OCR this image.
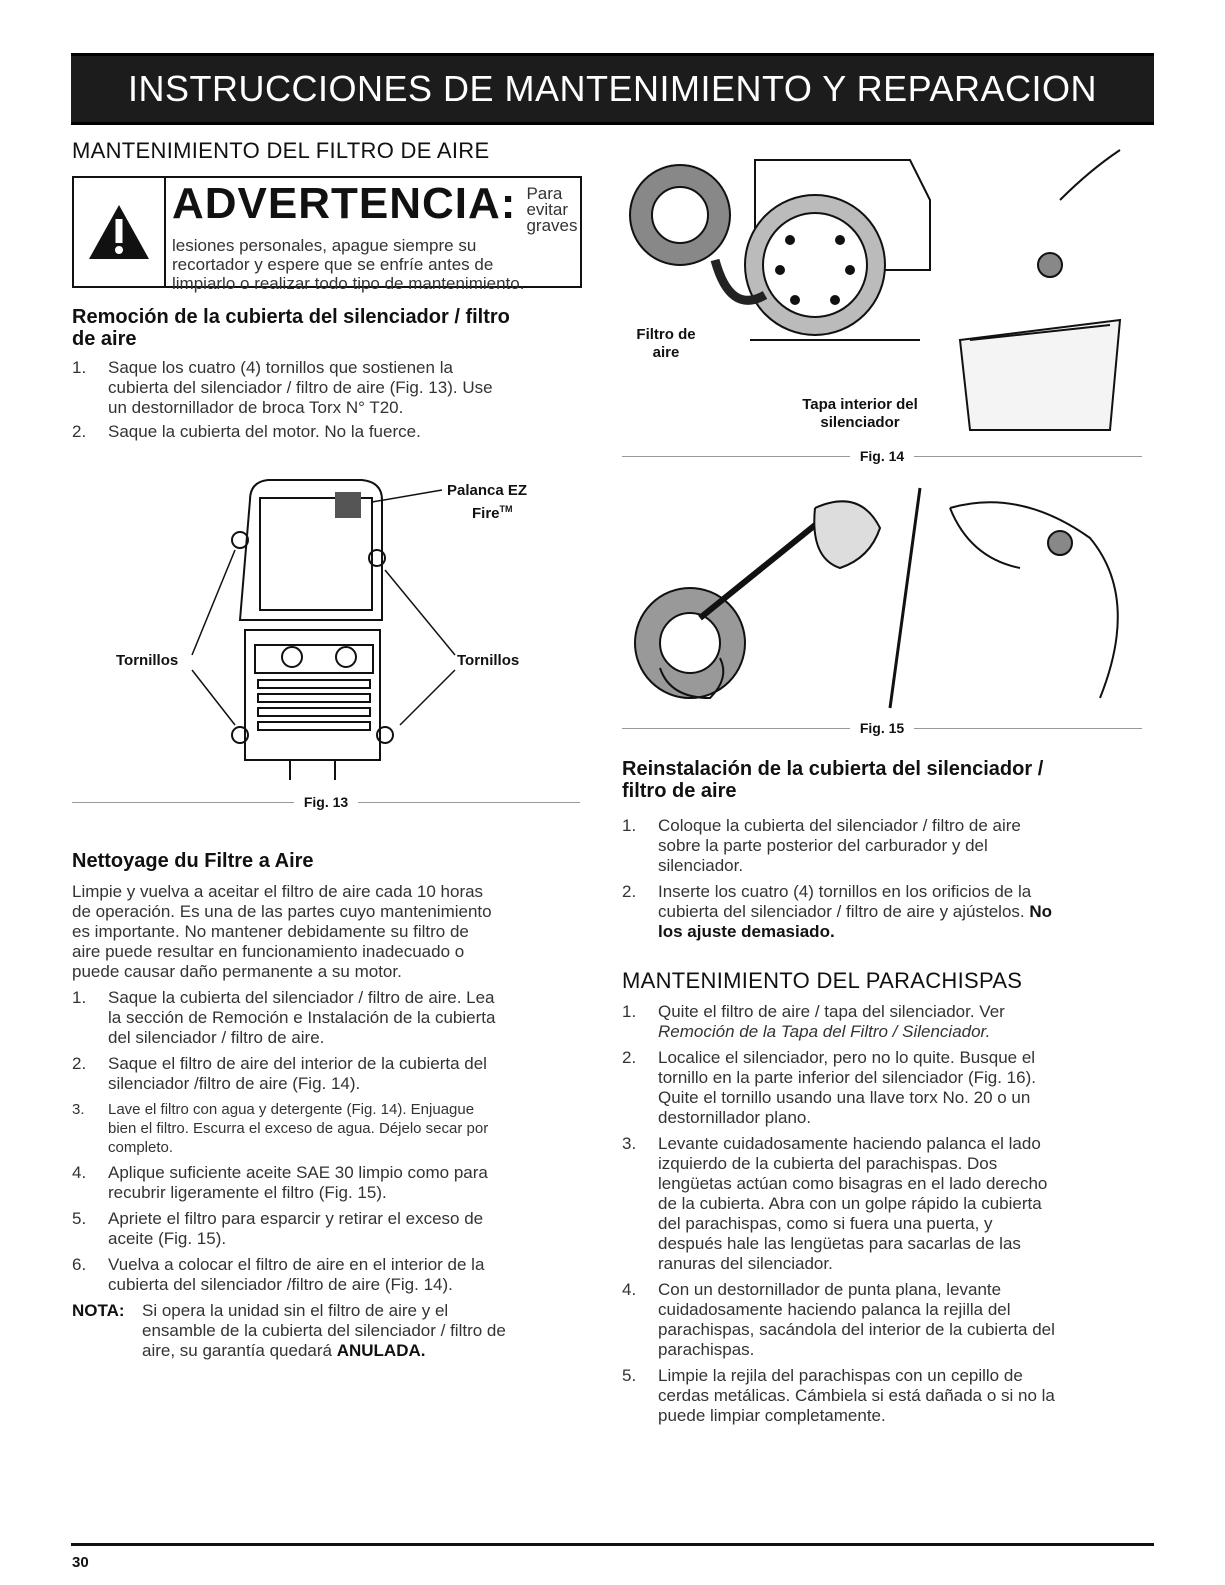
INSTRUCCIONES DE MANTENIMIENTO Y REPARACION
MANTENIMIENTO DEL FILTRO DE AIRE
ADVERTENCIA: Para evitar
graves
lesiones personales, apague siempre su
recortador y espere que se enfríe antes de
limpiarlo o realizar todo tipo de mantenimiento.
Remoción de la cubierta del silenciador / filtro
de aire
1.	Saque los cuatro (4) tornillos que sostienen la
cubierta del silenciador / filtro de aire (Fig. 13). Use
un destornillador de broca Torx N° T20.
2.	Saque la cubierta del motor. No la fuerce.
Palanca EZ
Fire™
Tornillos	Tornillos
Fig. 13
Nettoyage du Filtre a Aire

Limpie y vuelva a aceitar el filtro de aire cada 10 horas
de operación. Es una de las partes cuyo mantenimiento
es importante. No mantener debidamente su filtro de
aire puede resultar en funcionamiento inadecuado o
puede causar daño permanente a su motor.

1.	Saque la cubierta del silenciador / filtro de aire. Lea
la sección de Remoción e Instalación de la cubierta
del silenciador / filtro de aire.
2.	Saque el filtro de aire del interior de la cubierta del
silenciador /filtro de aire (Fig. 14).
3.	Lave el filtro con agua y detergente (Fig. 14). Enjuague
bien el filtro. Escurra el exceso de agua. Déjelo secar por
completo.
4.	Aplique suficiente aceite SAE 30 limpio como para
recubrir ligeramente el filtro (Fig. 15).
5.	Apriete el filtro para esparcir y retirar el exceso de
aceite (Fig. 15).
6.	Vuelva a colocar el filtro de aire en el interior de la
cubierta del silenciador /filtro de aire (Fig. 14).
NOTA:	Si opera la unidad sin el filtro de aire y el
ensamble de la cubierta del silenciador / filtro de
aire, su garantía quedará ANULADA.
Filtro de
aire
Tapa interior del
silenciador
Fig. 14
Fig. 15
Reinstalación de la cubierta del silenciador /
filtro de aire
1.	Coloque la cubierta del silenciador / filtro de aire
sobre la parte posterior del carburador y del
silenciador.
2.	Inserte los cuatro (4) tornillos en los orificios de la
cubierta del silenciador / filtro de aire y ajústelos. No
los ajuste demasiado.
MANTENIMIENTO DEL PARACHISPAS
1.	Quite el filtro de aire / tapa del silenciador. Ver
Remoción de la Tapa del Filtro / Silenciador.
2.	Localice el silenciador, pero no lo quite. Busque el
tornillo en la parte inferior del silenciador (Fig. 16).
Quite el tornillo usando una llave torx No. 20 o un
destornillador plano.
3.	Levante cuidadosamente haciendo palanca el lado
izquierdo de la cubierta del parachispas. Dos
lengüetas actúan como bisagras en el lado derecho
de la cubierta. Abra con un golpe rápido la cubierta
del parachispas, como si fuera una puerta, y
después hale las lengüetas para sacarlas de las
ranuras del silenciador.
4.	Con un destornillador de punta plana, levante
cuidadosamente haciendo palanca la rejilla del
parachispas, sacándola del interior de la cubierta del
parachispas.
5.	Limpie la rejila del parachispas con un cepillo de
cerdas metálicas. Cámbiela si está dañada o si no la
puede limpiar completamente.
30
